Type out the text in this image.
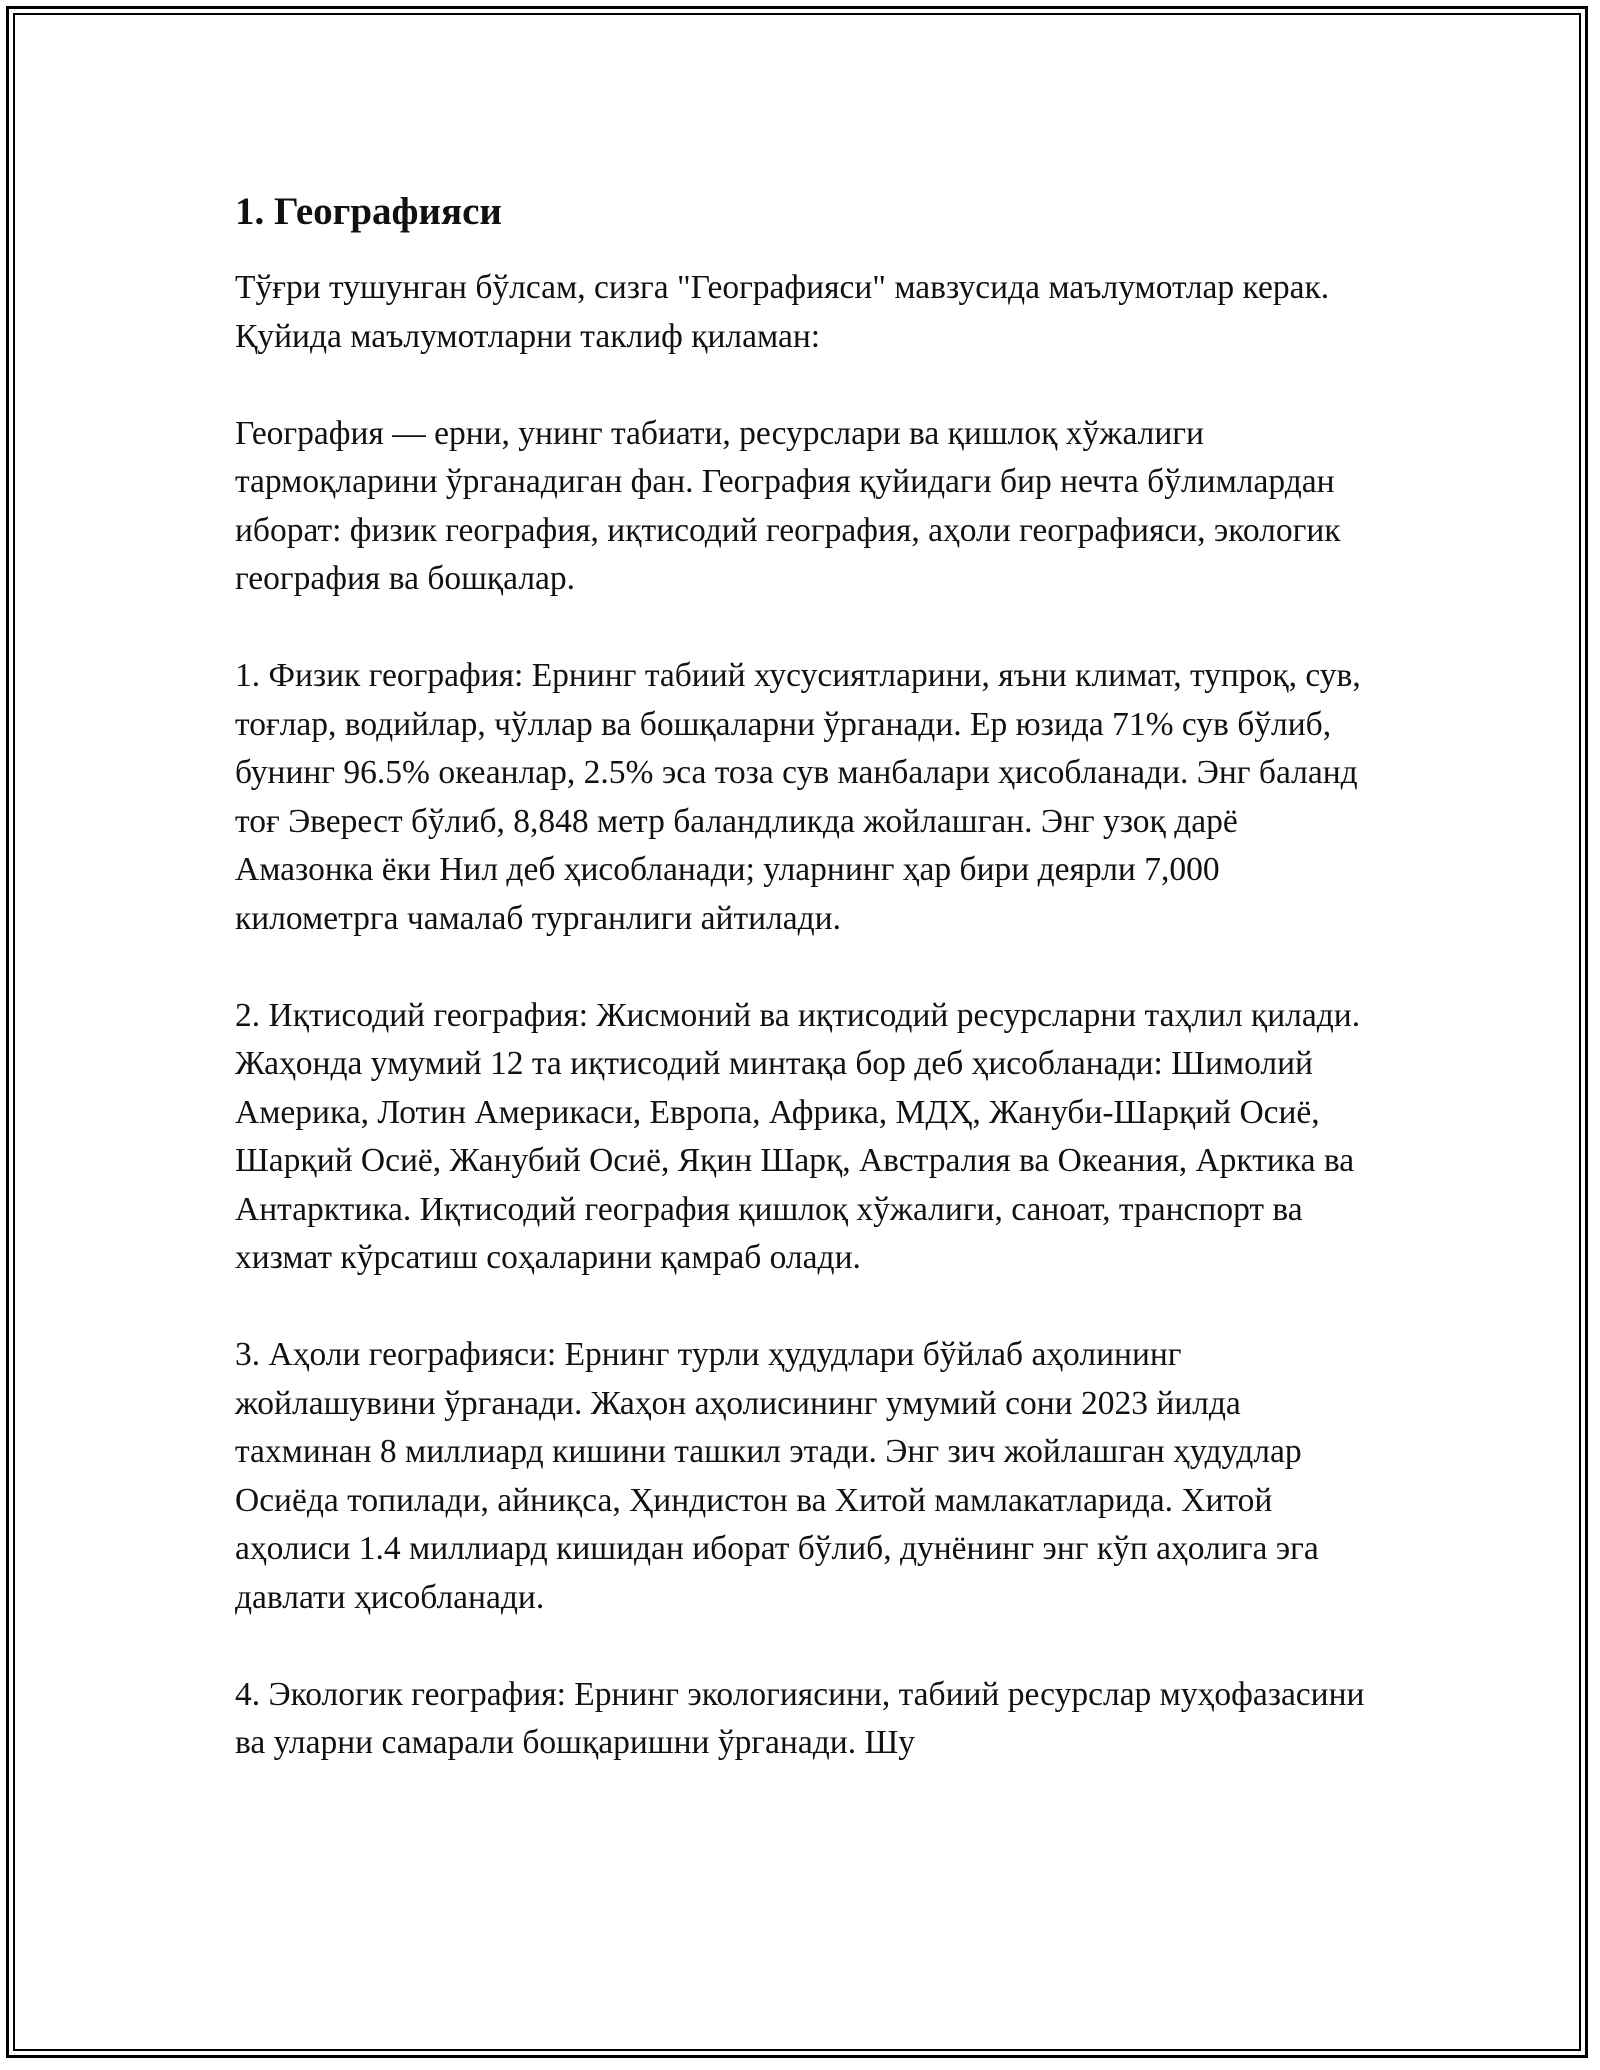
1. Географияси

Тўғри тушунган бўлсам, сизга "Географияси" мавзусида маълумотлар керак. Қуйида маълумотларни таклиф қиламан:

География — ерни, унинг табиати, ресурслари ва қишлоқ хўжалиги тармоқларини ўрганадиган фан. География қуйидаги бир нечта бўлимлардан иборат: физик география, иқтисодий география, аҳоли географияси, экологик география ва бошқалар.

1. Физик география: Ернинг табиий хусусиятларини, яъни климат, тупроқ, сув, тоғлар, водийлар, чўллар ва бошқаларни ўрганади. Ер юзида 71% сув бўлиб, бунинг 96.5% океанлар, 2.5% эса тоза сув манбалари ҳисобланади. Энг баланд тоғ Эверест бўлиб, 8,848 метр баландликда жойлашган. Энг узоқ дарё Амазонка ёки Нил деб ҳисобланади; уларнинг ҳар бири деярли 7,000 километрга чамалаб турганлиги айтилади.

2. Иқтисодий география: Жисмоний ва иқтисодий ресурсларни таҳлил қилади. Жаҳонда умумий 12 та иқтисодий минтақа бор деб ҳисобланади: Шимолий Америка, Лотин Америкаси, Европа, Африка, МДҲ, Жануби-Шарқий Осиё, Шарқий Осиё, Жанубий Осиё, Яқин Шарқ, Австралия ва Океания, Арктика ва Антарктика. Иқтисодий география қишлоқ хўжалиги, саноат, транспорт ва хизмат кўрсатиш соҳаларини қамраб олади.

3. Аҳоли географияси: Ернинг турли ҳудудлари бўйлаб аҳолининг жойлашувини ўрганади. Жаҳон аҳолисининг умумий сони 2023 йилда тахминан 8 миллиард кишини ташкил этади. Энг зич жойлашган ҳудудлар Осиёда топилади, айниқса, Ҳиндистон ва Хитой мамлакатларида. Хитой аҳолиси 1.4 миллиард кишидан иборат бўлиб, дунёнинг энг кўп аҳолига эга давлати ҳисобланади.

4. Экологик география: Ернинг экологиясини, табиий ресурслар муҳофазасини ва уларни самарали бошқаришни ўрганади. Шу
